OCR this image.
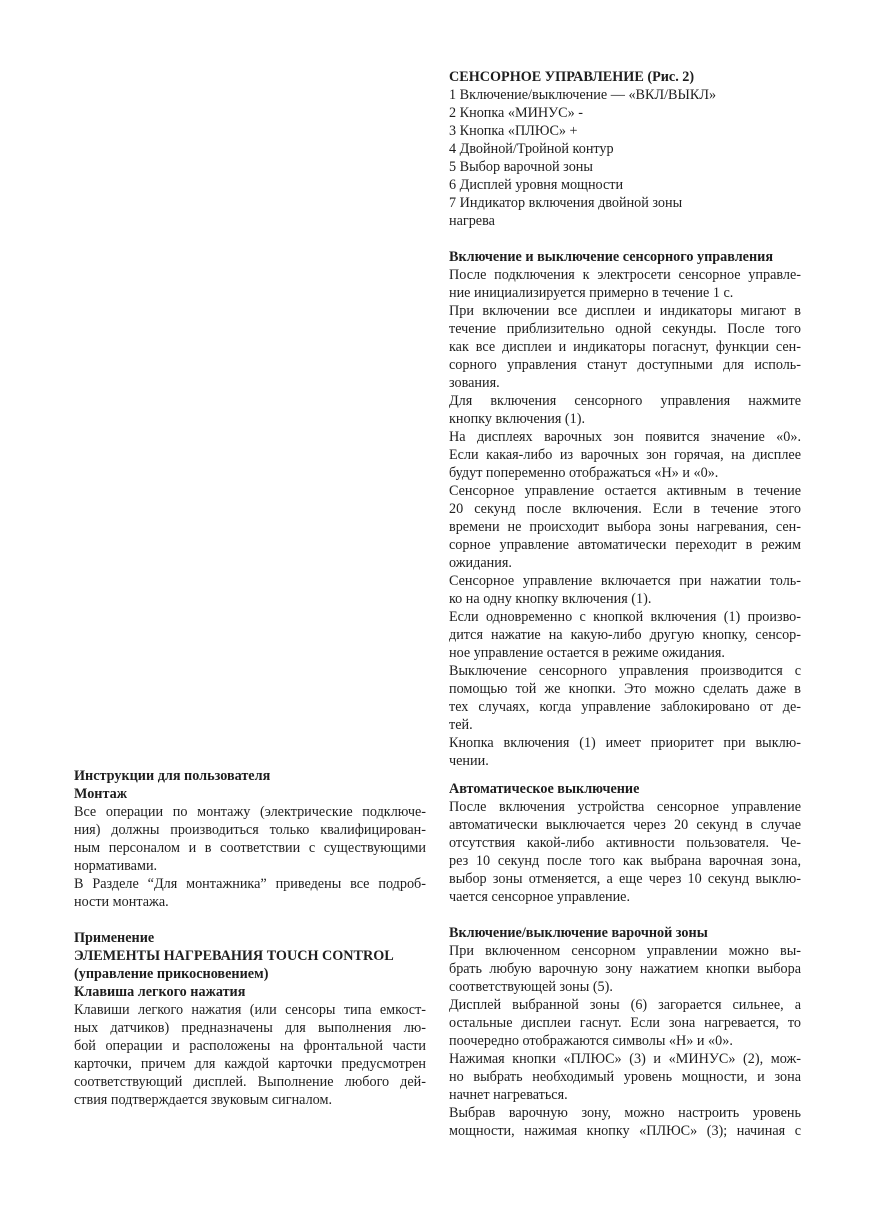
СЕНСОРНОЕ УПРАВЛЕНИЕ (Рис. 2)
1 Включение/выключение — «ВКЛ/ВЫКЛ»
2 Кнопка «МИНУС» -
3 Кнопка «ПЛЮС» +
4 Двойной/Тройной контур
5 Выбор варочной зоны
6 Дисплей уровня мощности
7 Индикатор включения двойной зоны
нагрева
Включение и выключение сенсорного управления
После подключения к электросети сенсорное управле-
ние инициализируется примерно в течение 1 с.
При включении все дисплеи и индикаторы мигают в
течение приблизительно одной секунды. После того
как все дисплеи и индикаторы погаснут, функции сен-
сорного управления станут доступными для исполь-
зования.
Для включения сенсорного управления нажмите
кнопку включения (1).
На дисплеях варочных зон появится значение «0».
Если какая-либо из варочных зон горячая, на дисплее
будут попеременно отображаться «Н» и «0».
Сенсорное управление остается активным в течение
20 секунд после включения. Если в течение этого
времени не происходит выбора зоны нагревания, сен-
сорное управление автоматически переходит в режим
ожидания.
Сенсорное управление включается при нажатии толь-
ко на одну кнопку включения (1).
Если одновременно с кнопкой включения (1) произво-
дится нажатие на какую-либо другую кнопку, сенсор-
ное управление остается в режиме ожидания.
Выключение сенсорного управления производится с
помощью той же кнопки. Это можно сделать даже в
тех случаях, когда управление заблокировано от де-
тей.
Кнопка включения (1) имеет приоритет при выклю-
чении.
Автоматическое выключение
После включения устройства сенсорное управление
автоматически выключается через 20 секунд в случае
отсутствия какой-либо активности пользователя. Че-
рез 10 секунд после того как выбрана варочная зона,
выбор зоны отменяется, а еще через 10 секунд выклю-
чается сенсорное управление.
Включение/выключение варочной зоны
При включенном сенсорном управлении можно вы-
брать любую варочную зону нажатием кнопки выбора
соответствующей зоны (5).
Дисплей выбранной зоны (6) загорается сильнее, а
остальные дисплеи гаснут. Если зона нагревается, то
поочередно отображаются символы «Н» и «0».
Нажимая кнопки «ПЛЮС» (3) и «МИНУС» (2), мож-
но выбрать необходимый уровень мощности, и зона
начнет нагреваться.
Выбрав варочную зону, можно настроить уровень
мощности, нажимая кнопку «ПЛЮС» (3); начиная с
Инструкции для пользователя
Монтаж
Все операции по монтажу (электрические подключе-
ния) должны производиться только квалифицирован-
ным персоналом и в соответствии с существующими
нормативами.
В Разделе “Для монтажника” приведены все подроб-
ности монтажа.
Применение
ЭЛЕМЕНТЫ НАГРЕВАНИЯ TOUCH CONTROL
(управление прикосновением)
Клавиша легкого нажатия
Клавиши легкого нажатия (или сенсоры типа емкост-
ных датчиков) предназначены для выполнения лю-
бой операции и расположены на фронтальной части
карточки, причем для каждой карточки предусмотрен
соответствующий дисплей. Выполнение любого дей-
ствия подтверждается звуковым сигналом.
